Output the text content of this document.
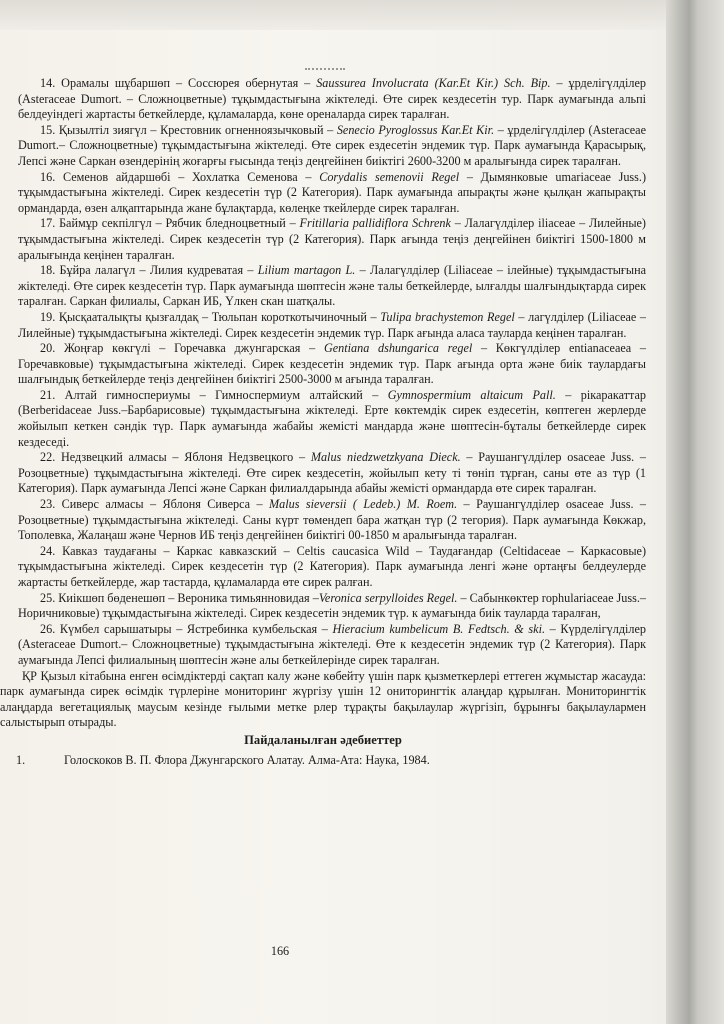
14. Орамалы шұбаршөп – Соссюрея обернутая – Saussurea Involucrata (Kar.Et Kir.) Sch. Bip. – ұрделігүлділер (Asteraceae Dumort. – Сложноцветные) тұқымдастығына жіктеледі. Өте сирек кездесетін тур. Парк аумағында альпі белдеуіндегі жартасты беткейлерде, құламаларда, көне ореналарда сирек таралған.

15. Қызылтіл зиягүл – Крестовник огненноязычковый – Senecio Pyroglossus Kar.Et Kir. – ұрделігүлділер (Asteraceae Dumort.– Сложноцветные) тұқымдастығына жіктеледі. Өте сирек ездесетін эндемик түр. Парк аумағында Қарасырық, Лепсі және Саркан өзендерінің жоғарғы ғысында теңіз деңгейінен биіктігі 2600-3200 м аралығында сирек таралған.

16. Семенов айдаршөбі – Хохлатка Семенова – Corydalis semenovii Regel – Дымянковые umariaceae Juss.) тұқымдастығына жіктеледі. Сирек кездесетін түр (2 Категория). Парк аумағында апырақты және қылқан жапырақты ормандарда, өзен алқаптарында жане бұлақтарда, көлеңке ткейлерде сирек таралған.

17. Баймұр секпілгүл – Рябчик бледноцветный – Fritillaria pallidiflora Schrenk – Лалагүлділер iliaceae – Лилейные) тұқымдастығына жіктеледі. Сирек кездесетін түр (2 Категория). Парк ағында теңіз деңгейінен биіктігі 1500-1800 м аралығында кеңінен таралған.

18. Бұйра лалагүл – Лилия кудреватая – Lilium martagon L. – Лалагүлділер (Liliaceae – ілейные) тұқымдастығына жіктеледі. Өте сирек кездесетін түр. Парк аумағында шөптесін және талы беткейлерде, ылғалды шалғындықтарда сирек таралған. Саркан филиалы, Саркан ИБ, Үлкен скан шатқалы.

19. Қысқааталықты қызғалдақ – Тюльпан короткотычиночный – Tulipa brachystemon Regel – лагүлділер (Liliaceae – Лилейные) тұқымдастығына жіктеледі. Сирек кездесетін эндемик түр. Парк ағында аласа тауларда кеңінен таралған.

20. Жоңғар көкгүлі – Горечавка джунгарская – Gentiana dshungarica regel – Көкгүлділер entianaceaea – Горечавковые) тұқымдастығына жіктеледі. Сирек кездесетін эндемик түр. Парк ағында орта және биік таулардағы шалғындық беткейлерде теңіз деңгейінен биіктігі 2500-3000 м ағында таралған.

21. Алтай гимноспериумы – Гимноспермиум алтайский – Gymnospermium altaicum Pall. – рікаракаттар (Berberidaceae Juss.–Барбарисовые) тұқымдастығына жіктеледі. Ерте көктемдік сирек ездесетін, көптеген жерлерде жойылып кеткен сәндік түр. Парк аумағында жабайы жемісті мандарда және шөптесін-бұталы беткейлерде сирек кездеседі.

22. Недзвецкий алмасы – Яблоня Недзвецкого – Malus niedzwetzkyana Dieck. – Раушангүлділер osaceae Juss. – Розоцветные) тұқымдастығына жіктеледі. Өте сирек кездесетін, жойылып кету ті төніп тұрған, саны өте аз түр (1 Категория). Парк аумағында Лепсі және Саркан филиалдарында абайы жемісті ормандарда өте сирек таралған.

23. Сиверс алмасы – Яблоня Сиверса – Malus sieversii ( Ledeb.) M. Roem. – Раушангүлділер osaceae Juss. – Розоцветные) тұқымдастығына жіктеледі. Саны күрт төмендеп бара жатқан түр (2 тегория). Парк аумағында Көкжар, Тополевка, Жалаңаш және Чернов ИБ теңіз деңгейінен биіктігі 00-1850 м аралығында таралған.

24. Кавказ таудағаны – Каркас кавказский – Celtis caucasica Wild – Таудағандар (Celtidaceae – Каркасовые) тұқымдастығына жіктеледі. Сирек кездесетін түр (2 Категория). Парк аумағында ленгі және ортаңғы белдеулерде жартасты беткейлерде, жар тастарда, құламаларда өте сирек ралған.

25. Киікшөп бөденешөп – Вероника тимьянновидая –Veronica serpylloides Regel. – Сабынкөктер rophulariaceae Juss.– Норичниковые) тұқымдастығына жіктеледі. Сирек кездесетін эндемик түр. к аумағында биік тауларда таралған,

26. Күмбел сарышатыры – Ястребинка кумбельская – Hieracium kumbelicum B. Fedtsch. & ski. – Күрделігүлділер (Asteraceae Dumort.– Сложноцветные) тұқымдастығына жіктеледі. Өте к кездесетін эндемик түр (2 Категория). Парк аумағында Лепсі филиалының шөптесін және алы беткейлерінде сирек таралған.

ҚР Қызыл кітабына енген өсімдіктерді сақтап калу және көбейту үшін парк қызметкерлері еттеген жұмыстар жасауда: парк аумағында сирек өсімдік түрлеріне мониторинг жүргізу үшін 12 ониторингтік алаңдар құрылған. Мониторингтік алаңдарда вегетациялық маусым кезінде ғылыми метке рлер тұрақты бақылаулар жүргізіп, бұрынғы бақылаулармен салыстырып отырады.

Пайдаланылған әдебиеттер

1.	Голоскоков В. П. Флора Джунгарского Алатау. Алма-Ата: Наука, 1984.

166
